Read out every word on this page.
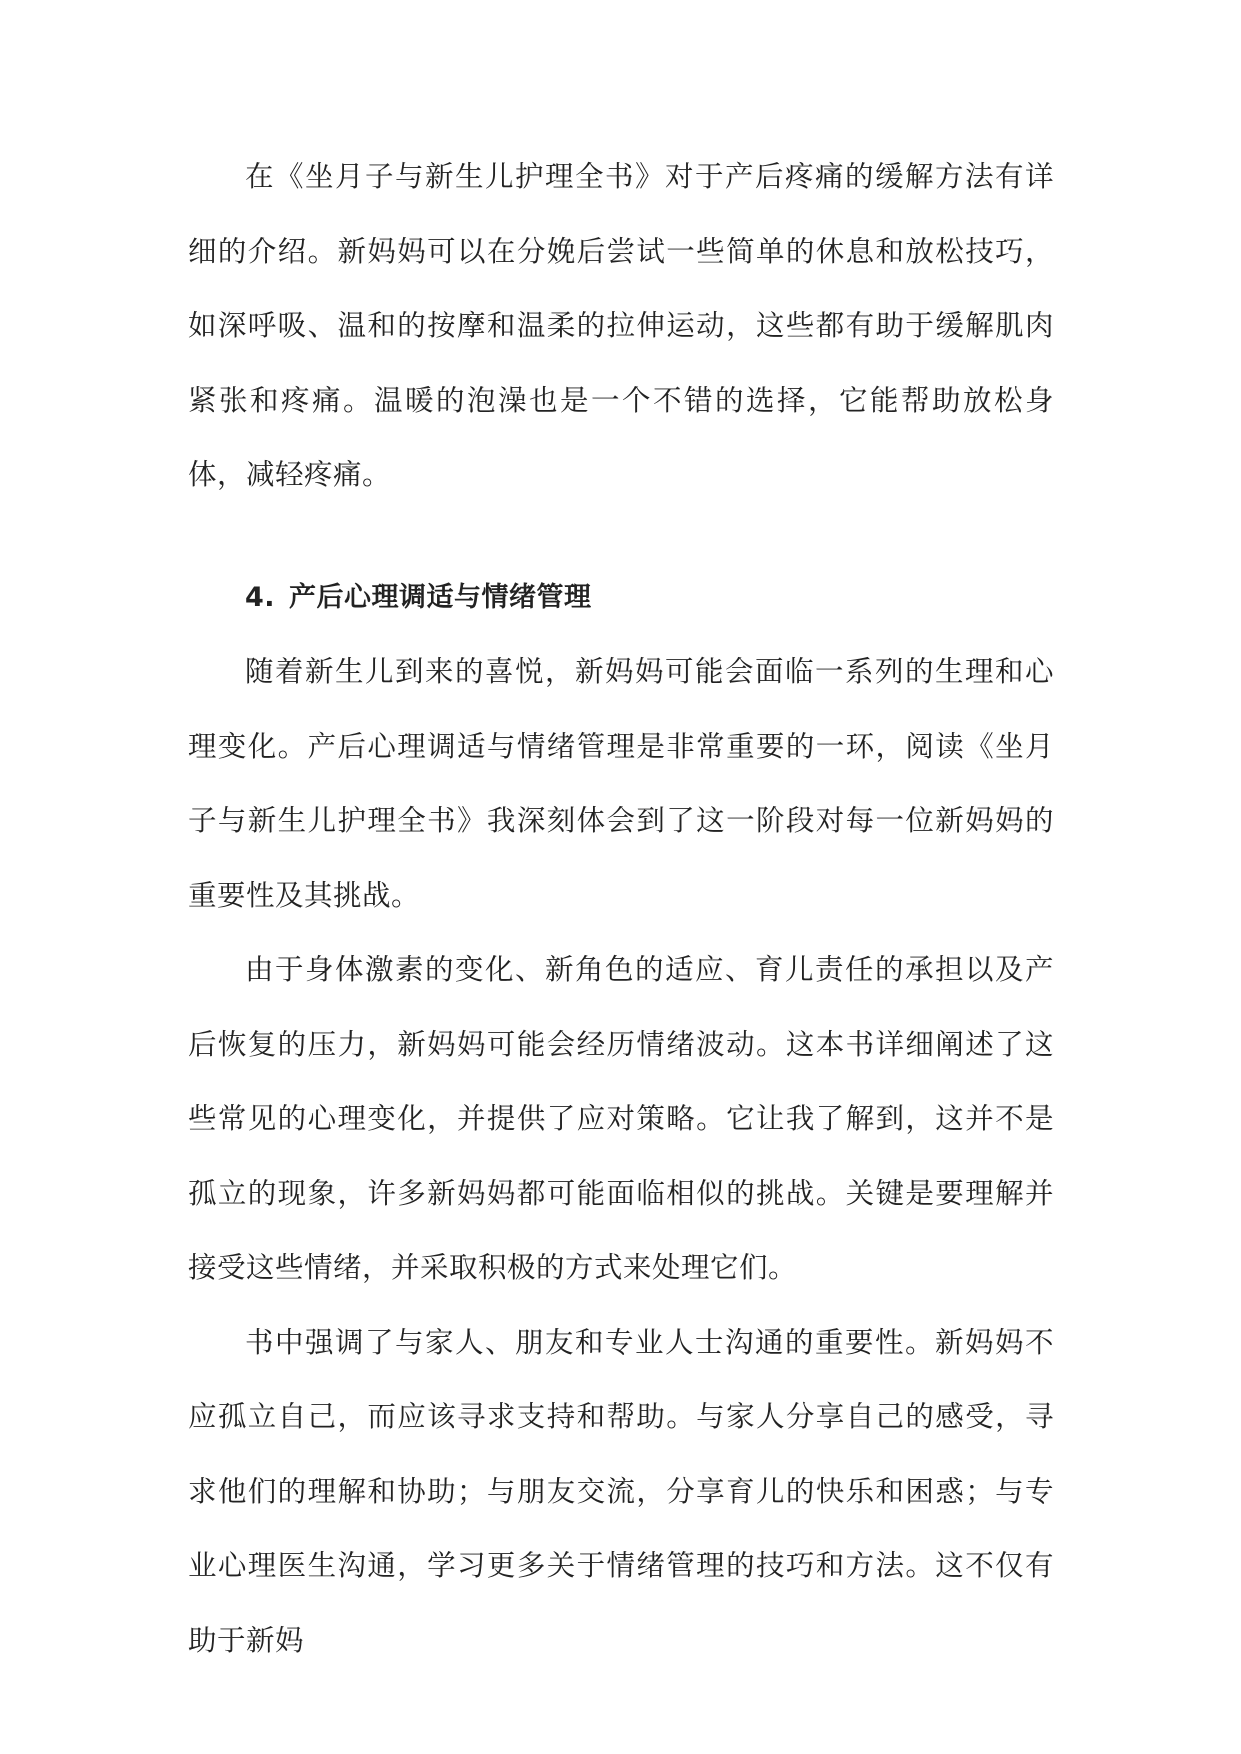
在《坐月子与新生儿护理全书》对于产后疼痛的缓解方法有详细的介绍。新妈妈可以在分娩后尝试一些简单的休息和放松技巧，如深呼吸、温和的按摩和温柔的拉伸运动，这些都有助于缓解肌肉紧张和疼痛。温暖的泡澡也是一个不错的选择，它能帮助放松身体，减轻疼痛。

4. 产后心理调适与情绪管理

随着新生儿到来的喜悦，新妈妈可能会面临一系列的生理和心理变化。产后心理调适与情绪管理是非常重要的一环，阅读《坐月子与新生儿护理全书》我深刻体会到了这一阶段对每一位新妈妈的重要性及其挑战。

由于身体激素的变化、新角色的适应、育儿责任的承担以及产后恢复的压力，新妈妈可能会经历情绪波动。这本书详细阐述了这些常见的心理变化，并提供了应对策略。它让我了解到，这并不是孤立的现象，许多新妈妈都可能面临相似的挑战。关键是要理解并接受这些情绪，并采取积极的方式来处理它们。

书中强调了与家人、朋友和专业人士沟通的重要性。新妈妈不应孤立自己，而应该寻求支持和帮助。与家人分享自己的感受，寻求他们的理解和协助；与朋友交流，分享育儿的快乐和困惑；与专业心理医生沟通，学习更多关于情绪管理的技巧和方法。这不仅有助于新妈
